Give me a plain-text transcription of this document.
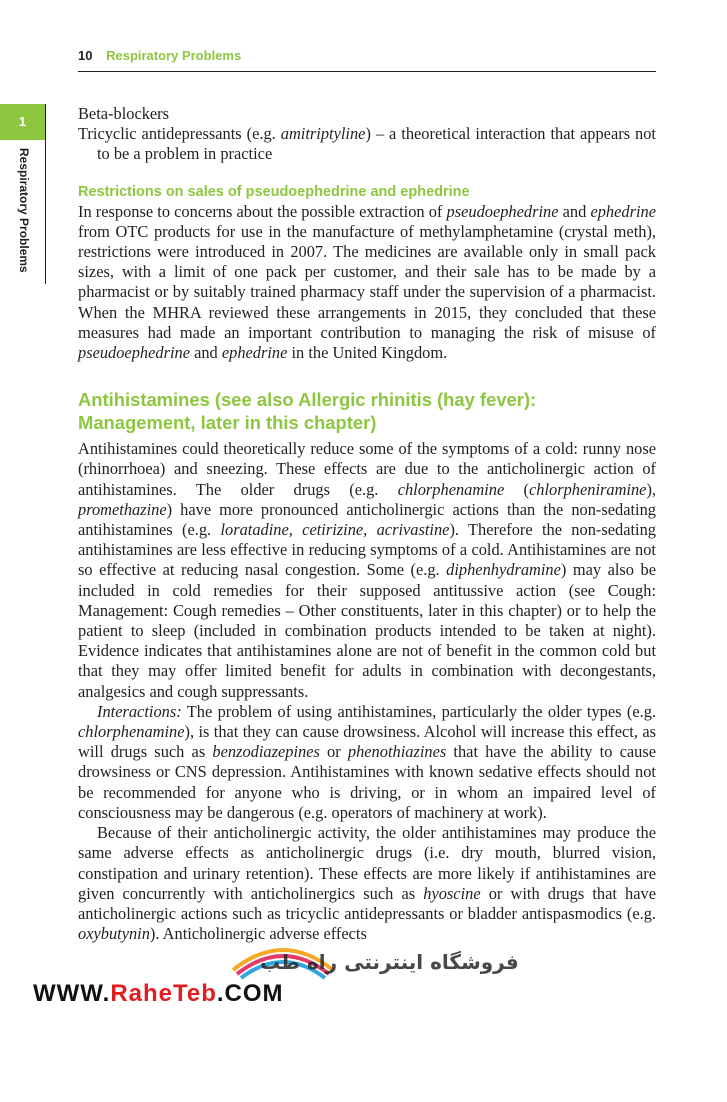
10 Respiratory Problems
1
Respiratory Problems

Beta-blockers

Tricyclic antidepressants (e.g. amitriptyline) – a theoretical interaction that appears not to be a problem in practice

Restrictions on sales of pseudoephedrine and ephedrine

In response to concerns about the possible extraction of pseudoephedrine and ephedrine from OTC products for use in the manufacture of methylamphetamine (crystal meth), restrictions were introduced in 2007. The medicines are available only in small pack sizes, with a limit of one pack per customer, and their sale has to be made by a pharmacist or by suitably trained pharmacy staff under the supervision of a pharmacist. When the MHRA reviewed these arrangements in 2015, they concluded that these measures had made an important contribution to managing the risk of misuse of pseudoephedrine and ephedrine in the United Kingdom.

Antihistamines (see also Allergic rhinitis (hay fever): Management, later in this chapter)

Antihistamines could theoretically reduce some of the symptoms of a cold: runny nose (rhinorrhoea) and sneezing. These effects are due to the anticholinergic action of antihistamines. The older drugs (e.g. chlorphenamine (chlorpheniramine), promethazine) have more pronounced anticholinergic actions than the non-sedating antihistamines (e.g. loratadine, cetirizine, acrivastine). Therefore the non-sedating antihistamines are less effective in reducing symptoms of a cold. Antihistamines are not so effective at reducing nasal congestion. Some (e.g. diphenhydramine) may also be included in cold remedies for their supposed antitussive action (see Cough: Management: Cough remedies – Other constituents, later in this chapter) or to help the patient to sleep (included in combination products intended to be taken at night). Evidence indicates that antihistamines alone are not of benefit in the common cold but that they may offer limited benefit for adults in combination with decongestants, analgesics and cough suppressants.

Interactions: The problem of using antihistamines, particularly the older types (e.g. chlorphenamine), is that they can cause drowsiness. Alcohol will increase this effect, as will drugs such as benzodiazepines or phenothiazines that have the ability to cause drowsiness or CNS depression. Antihistamines with known sedative effects should not be recommended for anyone who is driving, or in whom an impaired level of consciousness may be dangerous (e.g. operators of machinery at work).

Because of their anticholinergic activity, the older antihistamines may produce the same adverse effects as anticholinergic drugs (i.e. dry mouth, blurred vision, constipation and urinary retention). These effects are more likely if antihistamines are given concurrently with anticholinergics such as hyoscine or with drugs that have anticholinergic actions such as tricyclic antidepressants or bladder antispasmodics (e.g. oxybutynin). Anticholinergic adverse effects

فروشگاه اینترنتی راه طب
WWW.RaheTeb.COM
